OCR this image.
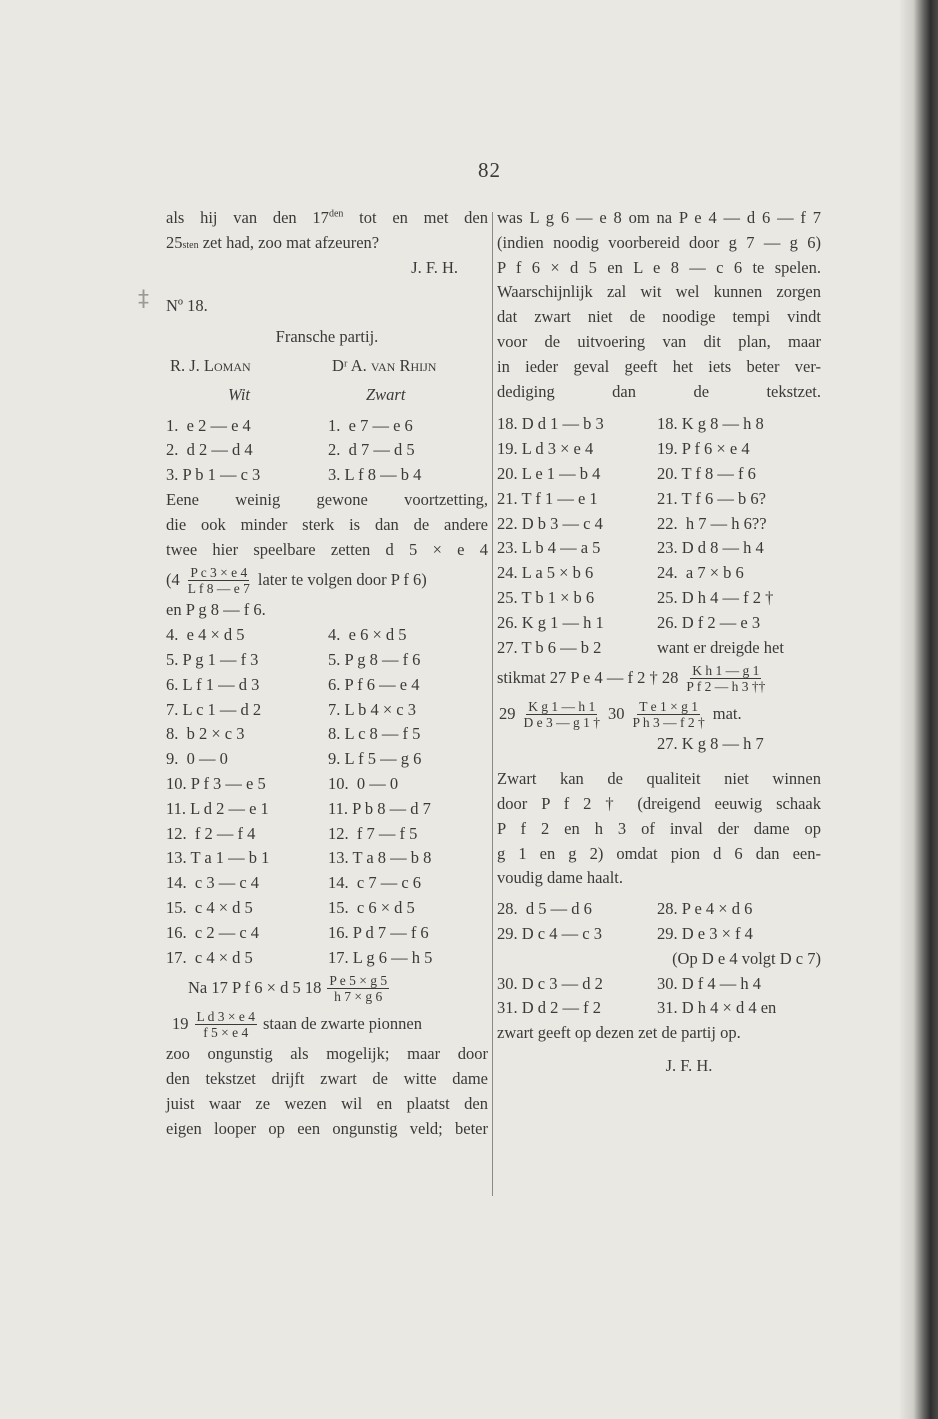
82
‡
als hij van den $17^{den}$ tot en met den
25 sten zet had, zoo mat afzeuren?
J. F. H.
Nº 18.
Fransche partij.
R. J. Loman	Dʳ A. van Rhijn
Wit	Zwart
1.  e 2 — e 4	1.  e 7 — e 6
2.  d 2 — d 4	2.  d 7 — d 5
3. P b 1 — c 3	3. L f 8 — b 4
Eene weinig gewone voortzetting,
die ook minder sterk is dan de andere
twee hier speelbare zetten d 5 × e 4
($4 \frac{\text{P c 3 × e 4}}{\text{L f 8 — e 7}}$ later te volgen door P f 6)
en P g 8 — f 6.
4.  e 4 × d 5	4.  e 6 × d 5
5. P g 1 — f 3	5. P g 8 — f 6
6. L f 1 — d 3	6. P f 6 — e 4
7. L c 1 — d 2	7. L b 4 × c 3
8.  b 2 × c 3	8. L c 8 — f 5
9.  0 — 0	9. L f 5 — g 6
10. P f 3 — e 5	10.  0 — 0
11. L d 2 — e 1	11. P b 8 — d 7
12.  f 2 — f 4	12.  f 7 — f 5
13. T a 1 — b 1	13. T a 8 — b 8
14.  c 3 — c 4	14.  c 7 — c 6
15.  c 4 × d 5	15.  c 6 × d 5
16.  c 2 — c 4	16. P d 7 — f 6
17.  c 4 × d 5	17. L g 6 — h 5
Na 17 P f 6 × d 5 $18 \frac{\text{P e 5 × g 5}}{h 7 \times g 6}$
$19 \frac{\text{L d 3 × e 4}}{f 5 \times e 4}$ staan de zwarte pionnen
zoo ongunstig als mogelijk; maar door
den tekstzet drijft zwart de witte dame
juist waar ze wezen wil en plaatst den
eigen looper op een ongunstig veld; beter
was L g 6 — e 8 om na P e 4 — d 6 — f 7
(indien noodig voorbereid door g 7 — g 6)
P f 6 × d 5 en L e 8 — c 6 te spelen.
Waarschijnlijk zal wit wel kunnen zorgen
dat zwart niet de noodige tempi vindt
voor de uitvoering van dit plan, maar
in ieder geval geeft het iets beter ver-
dediging dan de tekstzet.
18. D d 1 — b 3	18. K g 8 — h 8
19. L d 3 × e 4	19. P f 6 × e 4
20. L e 1 — b 4	20. T f 8 — f 6
21. T f 1 — e 1	21. T f 6 — b 6?
22. D b 3 — c 4	22.  h 7 — h 6??
23. L b 4 — a 5	23. D d 8 — h 4
24. L a 5 × b 6	24.  a 7 × b 6
25. T b 1 × b 6	25. D h 4 — f 2 †
26. K g 1 — h 1	26. D f 2 — e 3
27. T b 6 — b 2	want er dreigde het
stikmat 27 P e 4 — f 2 † $28 \frac{\text{K h 1 — g 1}}{\text{P f 2 — h 3 ††}}$
$29 \frac{\text{K g 1 — h 1}}{\text{D e 3 — g 1 †}} 30 \frac{\text{T e 1 × g 1}}{\text{P h 3 — f 2 †}}$ mat.
27. K g 8 — h 7
Zwart kan de qualiteit niet winnen
door P f 2 † (dreigend eeuwig schaak
P f 2 en h 3 of inval der dame op
g 1 en g 2) omdat pion d 6 dan een-
voudig dame haalt.
28.  d 5 — d 6	28. P e 4 × d 6
29. D c 4 — c 3	29. D e 3 × f 4
(Op D e 4 volgt D c 7)
30. D c 3 — d 2	30. D f 4 — h 4
31. D d 2 — f 2	31. D h 4 × d 4 en
zwart geeft op dezen zet de partij op.
J. F. H.
